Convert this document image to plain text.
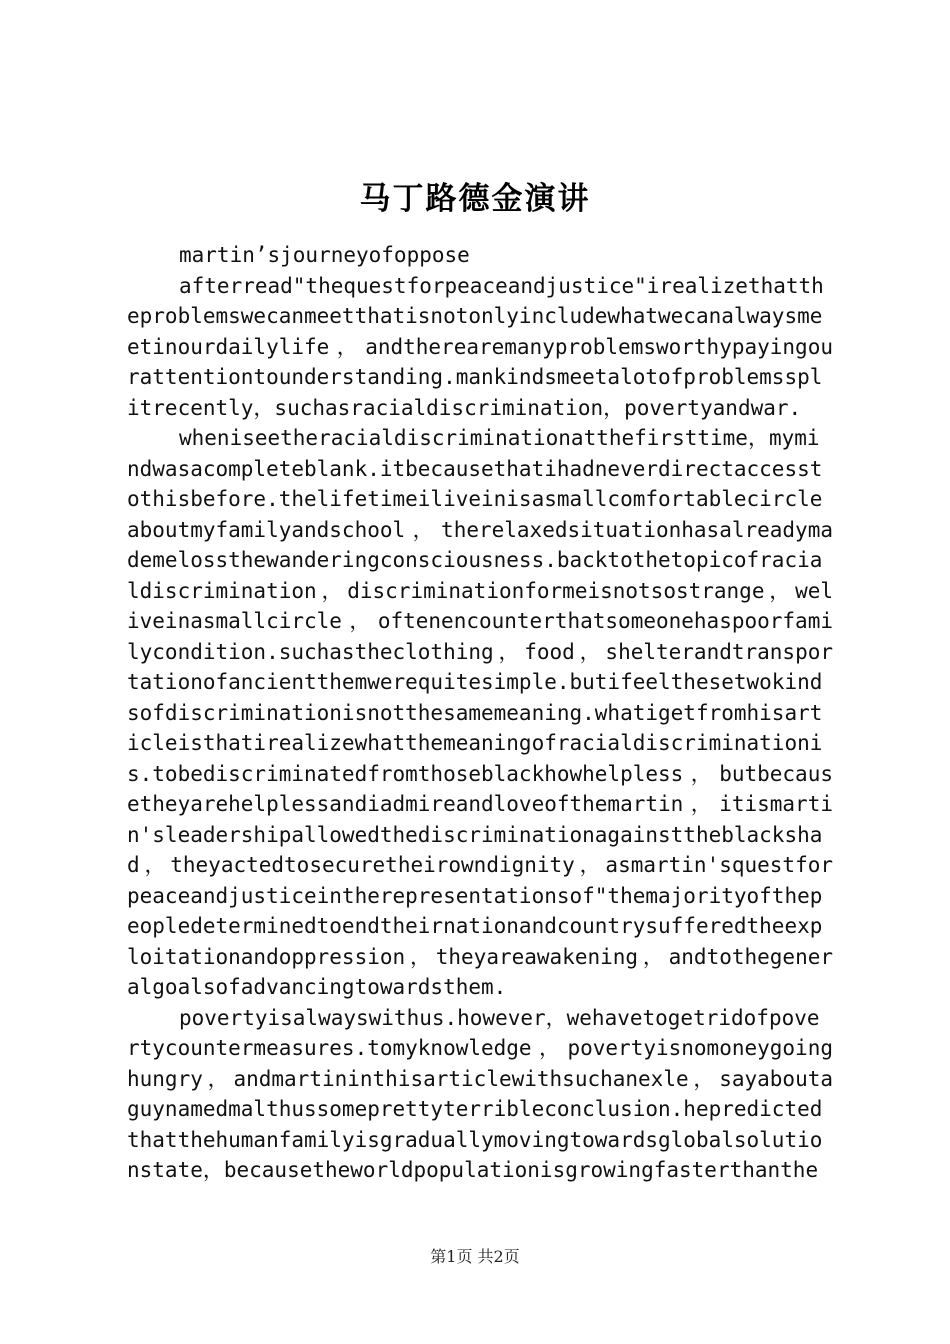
马丁路德金演讲
martin’sjourneyofoppose
afterread"thequestforpeaceandjustice"irealizethatth
eproblemswecanmeetthatisnotonlyincludewhatwecanalwaysme
etinourdailylife，andtherearemanyproblemsworthypayingou
rattentiontounderstanding.mankindsmeetalotofproblemsspl
itrecently，suchasracialdiscrimination，povertyandwar.
wheniseetheracialdiscriminationatthefirsttime，mymi
ndwasacompleteblank.itbecausethatihadneverdirectaccesst
othisbefore.thelifetimeiliveinisasmallcomfortablecircle
aboutmyfamilyandschool，therelaxedsituationhasalreadyma
demelossthewanderingconsciousness.backtothetopicofracia
ldiscrimination，discriminationformeisnotsostrange，wel
iveinasmallcircle，oftenencounterthatsomeonehaspoorfami
lycondition.suchastheclothing，food，shelterandtranspor
tationofancientthemwerequitesimple.butifeelthesetwokind
sofdiscriminationisnotthesamemeaning.whatigetfromhisart
icleisthatirealizewhatthemeaningofracialdiscriminationi
s.tobediscriminatedfromthoseblackhowhelpless，butbecaus
etheyarehelplessandiadmireandloveofthemartin，itismarti
n'sleadershipallowedthediscriminationagainsttheblacksha
d，theyactedtosecuretheirowndignity，asmartin'squestfor
peaceandjusticeintherepresentationsof"themajorityofthep
eopledeterminedtoendtheirnationandcountrysufferedtheexp
loitationandoppression，theyareawakening，andtothegener
algoalsofadvancingtowardsthem.
povertyisalwayswithus.however，wehavetogetridofpove
rtycountermeasures.tomyknowledge，povertyisnomoneygoing
hungry，andmartininthisarticlewithsuchanexle，sayabouta
guynamedmalthussomeprettyterribleconclusion.hepredicted
thatthehumanfamilyisgraduallymovingtowardsglobalsolutio
nstate，becausetheworldpopulationisgrowingfasterthanthe
第1页 共2页
